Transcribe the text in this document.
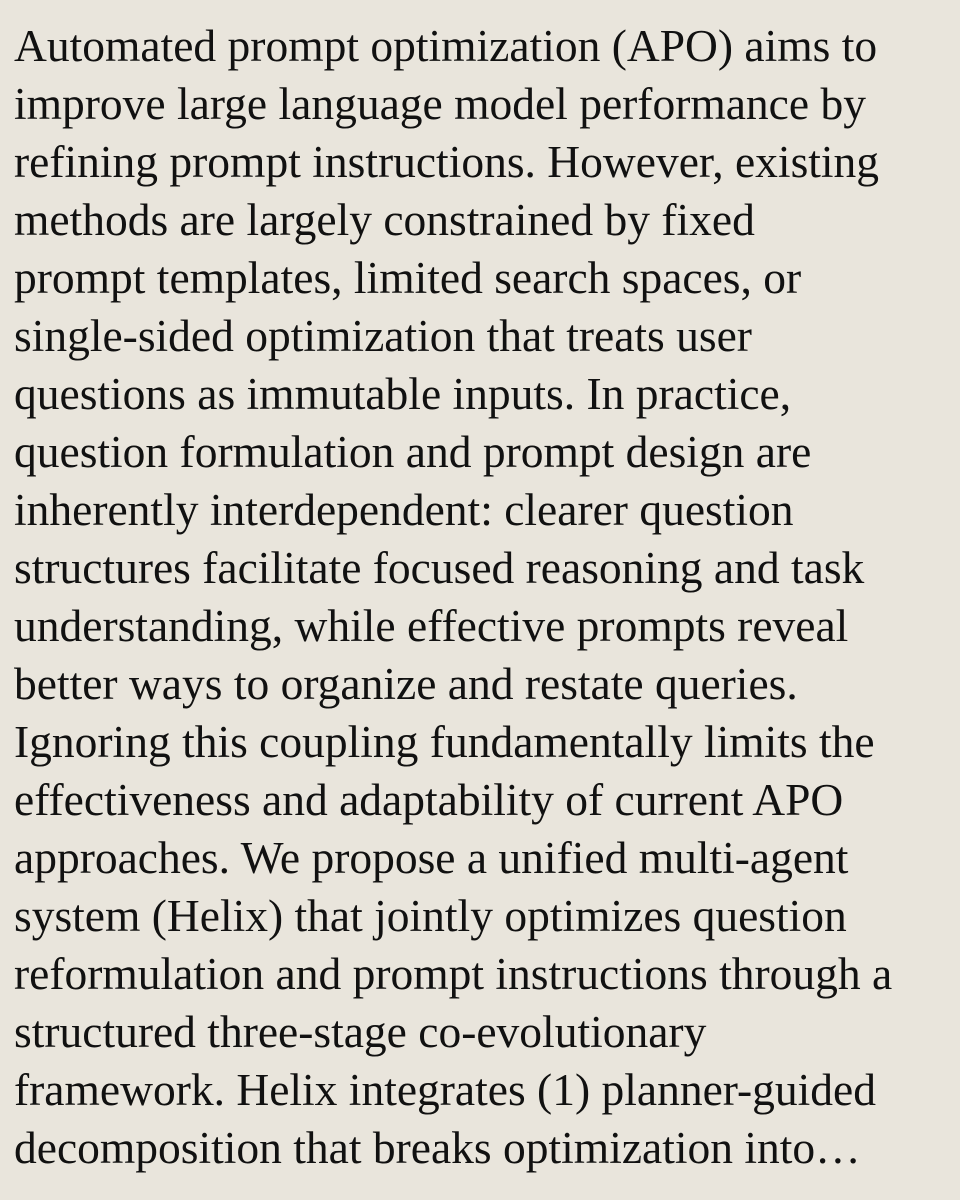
Automated prompt optimization (APO) aims to
improve large language model performance by
refining prompt instructions. However, existing
methods are largely constrained by fixed
prompt templates, limited search spaces, or
single-sided optimization that treats user
questions as immutable inputs. In practice,
question formulation and prompt design are
inherently interdependent: clearer question
structures facilitate focused reasoning and task
understanding, while effective prompts reveal
better ways to organize and restate queries.
Ignoring this coupling fundamentally limits the
effectiveness and adaptability of current APO
approaches. We propose a unified multi-agent
system (Helix) that jointly optimizes question
reformulation and prompt instructions through a
structured three-stage co-evolutionary
framework. Helix integrates (1) planner-guided
decomposition that breaks optimization into…
